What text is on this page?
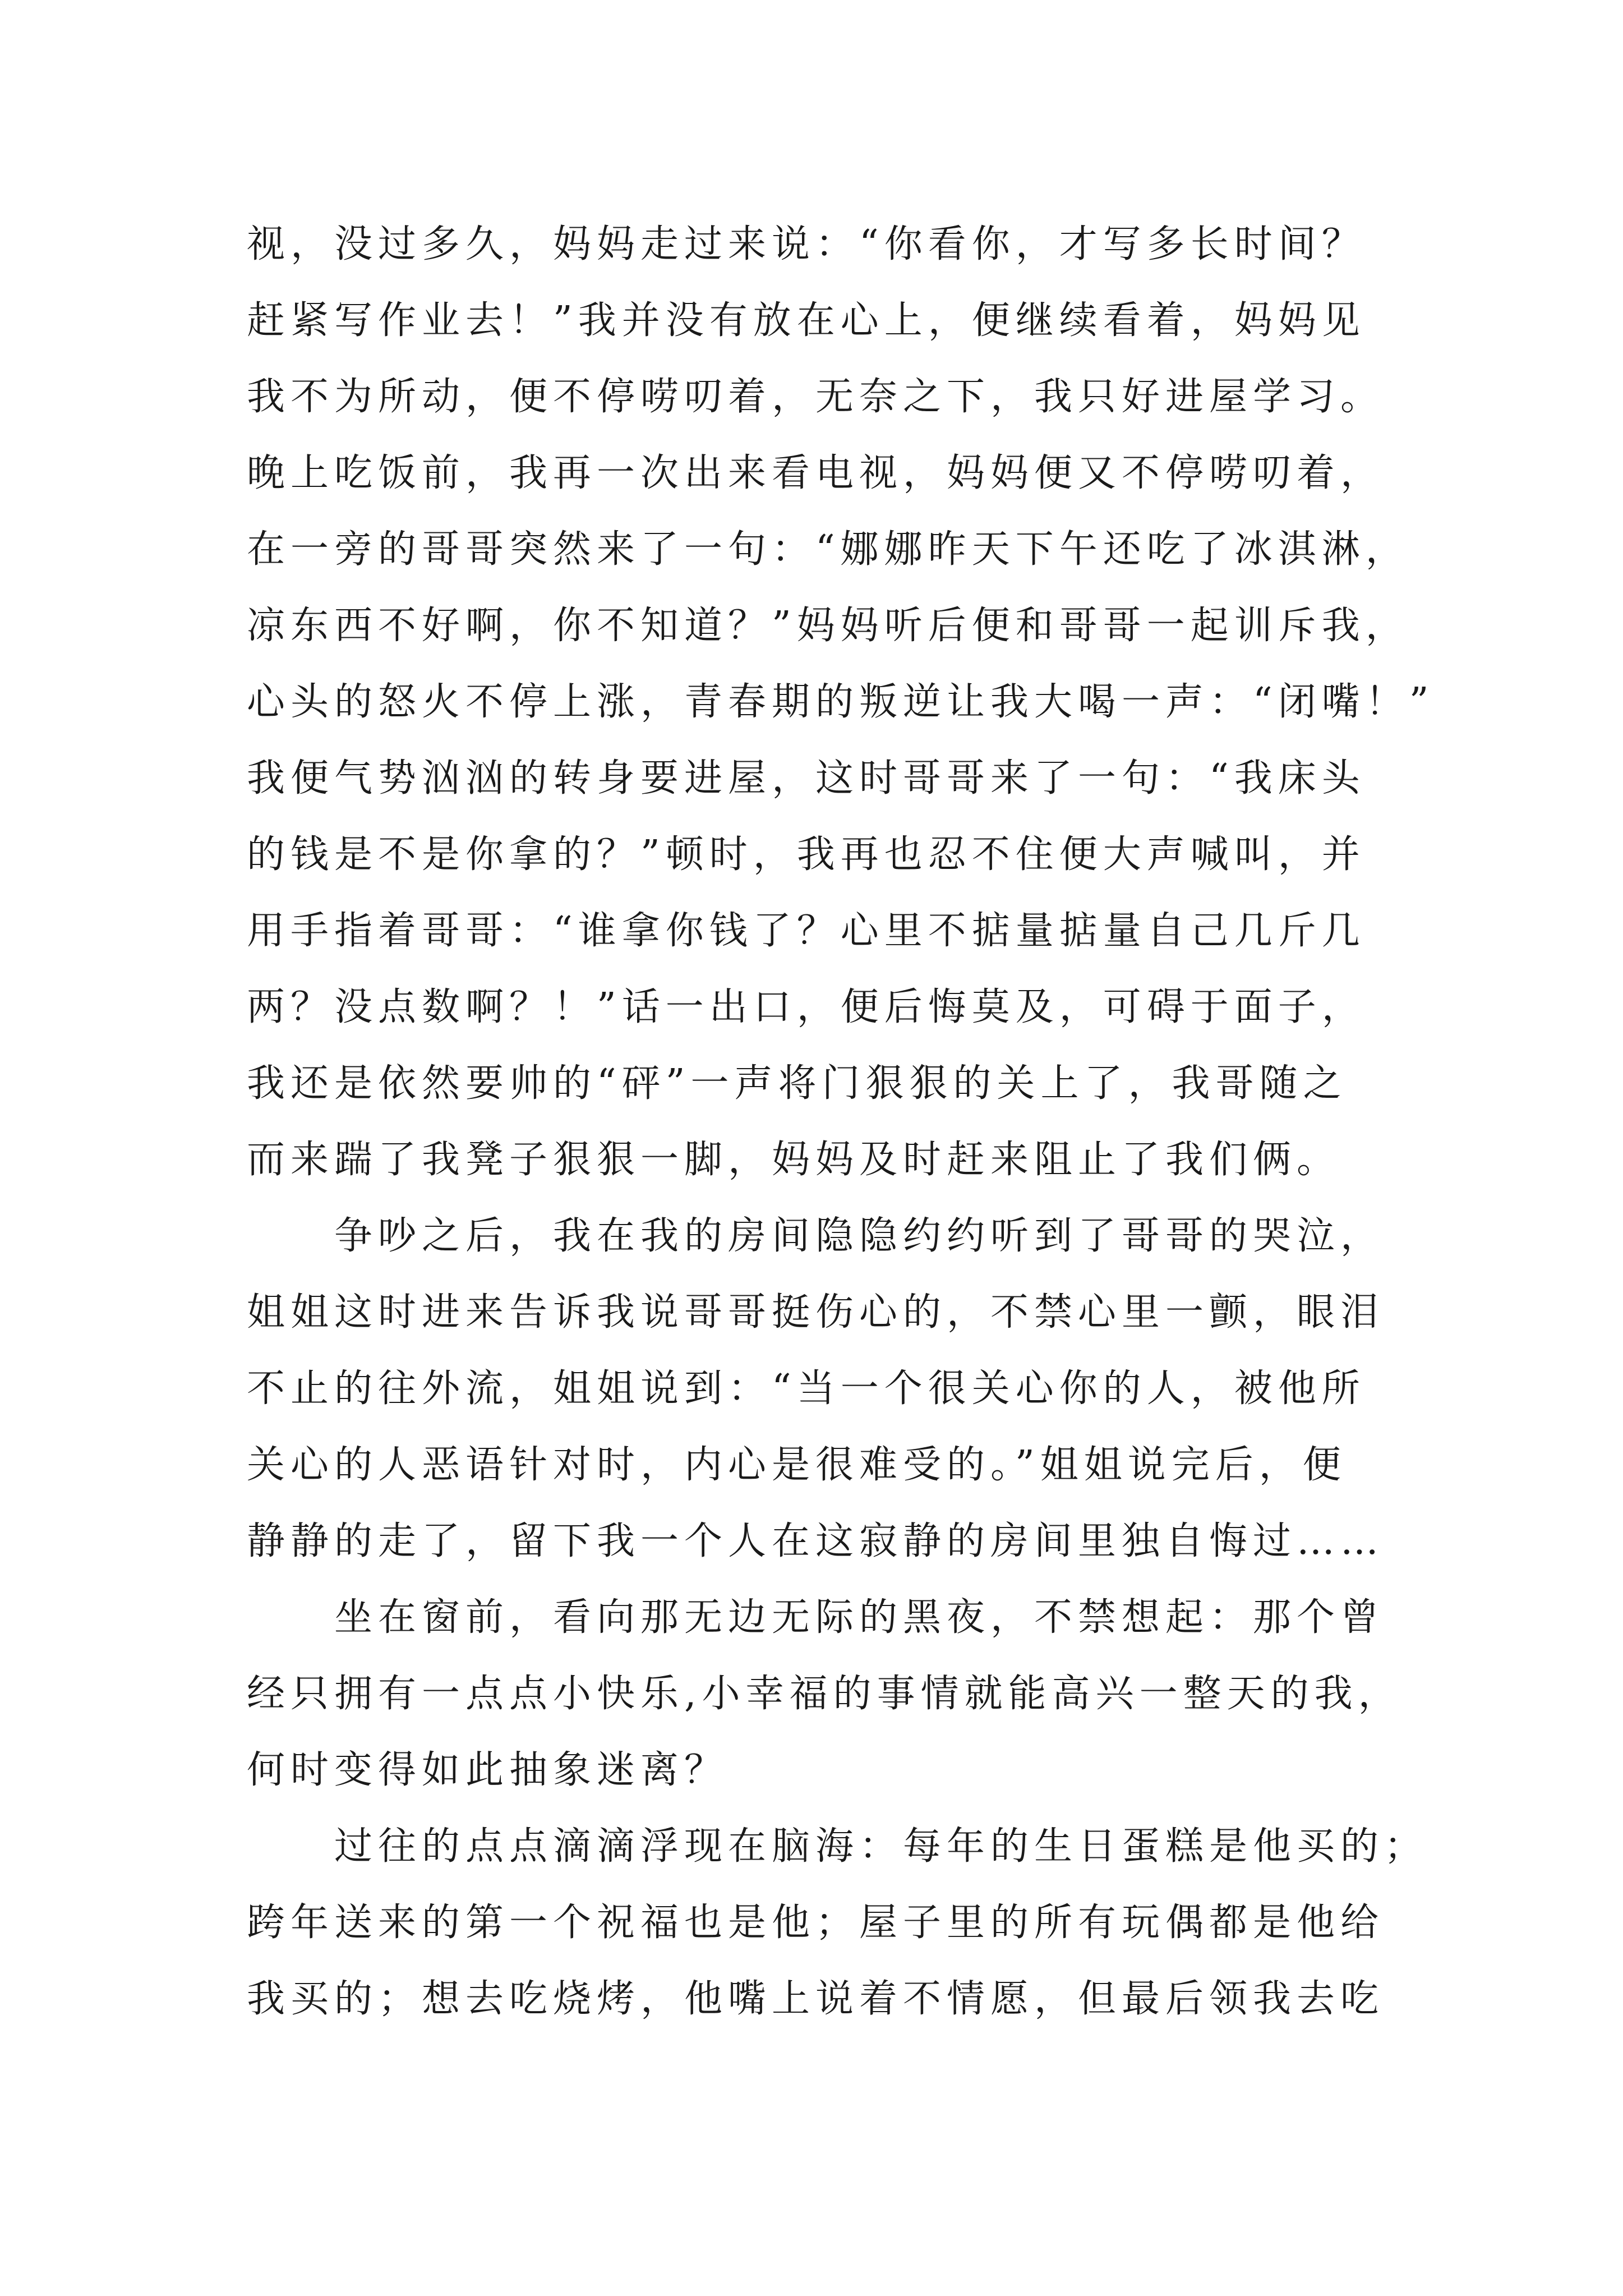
视，没过多久，妈妈走过来说：“你看你，才写多长时间？
赶紧写作业去！”我并没有放在心上，便继续看着，妈妈见
我不为所动，便不停唠叨着，无奈之下，我只好进屋学习。
晚上吃饭前，我再一次出来看电视，妈妈便又不停唠叨着，
在一旁的哥哥突然来了一句：“娜娜昨天下午还吃了冰淇淋，
凉东西不好啊，你不知道？”妈妈听后便和哥哥一起训斥我，
心头的怒火不停上涨，青春期的叛逆让我大喝一声：“闭嘴！”
我便气势汹汹的转身要进屋，这时哥哥来了一句：“我床头
的钱是不是你拿的？”顿时，我再也忍不住便大声喊叫，并
用手指着哥哥：“谁拿你钱了？心里不掂量掂量自己几斤几
两？没点数啊？！”话一出口，便后悔莫及，可碍于面子，
我还是依然要帅的“砰”一声将门狠狠的关上了，我哥随之
而来踹了我凳子狠狠一脚，妈妈及时赶来阻止了我们俩。
争吵之后，我在我的房间隐隐约约听到了哥哥的哭泣，
姐姐这时进来告诉我说哥哥挺伤心的，不禁心里一颤，眼泪
不止的往外流，姐姐说到：“当一个很关心你的人，被他所
关心的人恶语针对时，内心是很难受的。”姐姐说完后，便
静静的走了，留下我一个人在这寂静的房间里独自悔过……
坐在窗前，看向那无边无际的黑夜，不禁想起：那个曾
经只拥有一点点小快乐,小幸福的事情就能高兴一整天的我，
何时变得如此抽象迷离？
过往的点点滴滴浮现在脑海：每年的生日蛋糕是他买的；
跨年送来的第一个祝福也是他；屋子里的所有玩偶都是他给
我买的；想去吃烧烤，他嘴上说着不情愿，但最后领我去吃
